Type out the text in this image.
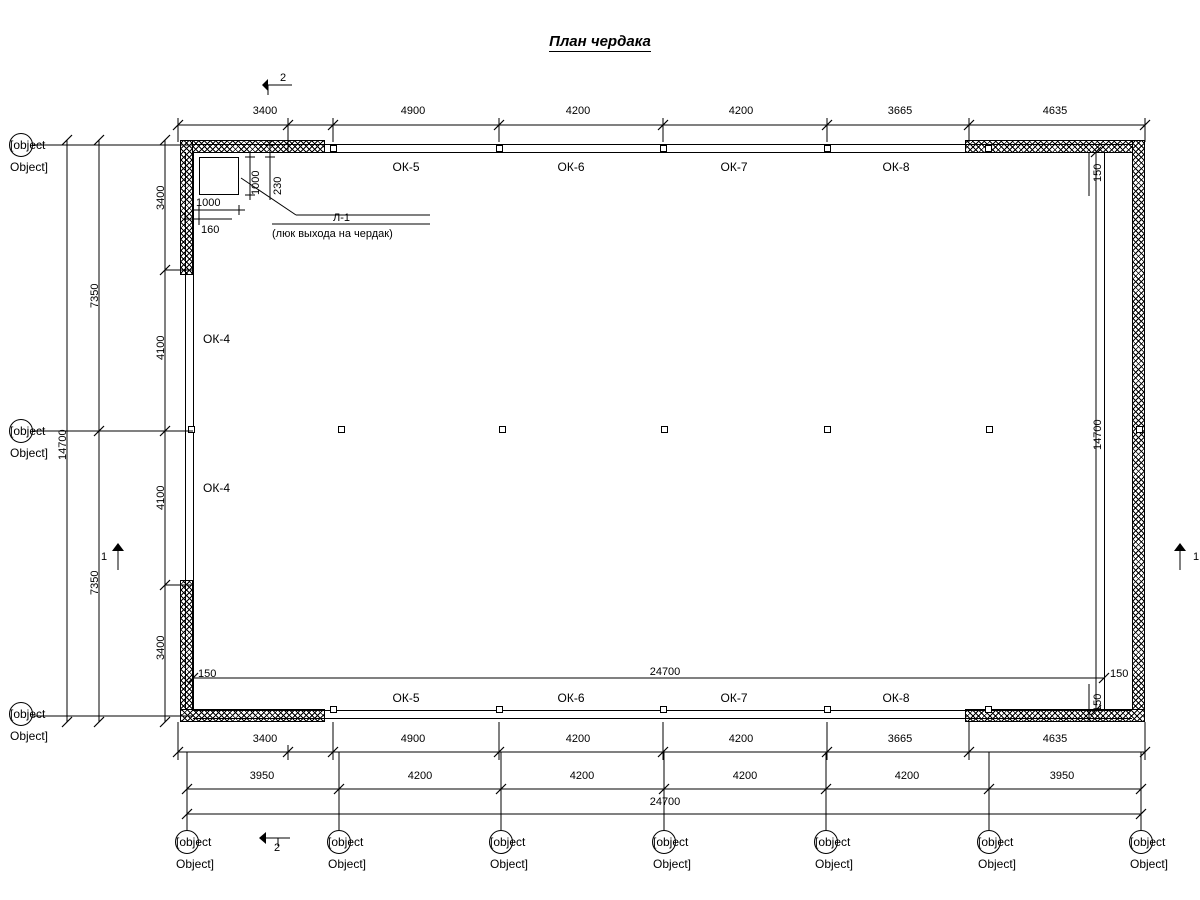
План чердака
ОК-5	ОК-6	ОК-7	ОК-8
ОК-5	ОК-6	ОК-7	ОК-8
ОК-4
ОК-4
Л-1
(люк выхода на чердак)
1000
1000 230
160
150
150	150
150
24700
14700
3400	4900	4200	4200	3665	4635
3400	4900	4200	4200	3665	4635
3950	4200	4200	4200	4200	3950
24700
3400
4100
4100
3400
7350
7350
14700
[object Object]
[object Object]
[object Object]
[object Object]
[object Object]
[object Object]
[object Object]
[object Object]
[object Object]
[object Object]
2
1
2
1
